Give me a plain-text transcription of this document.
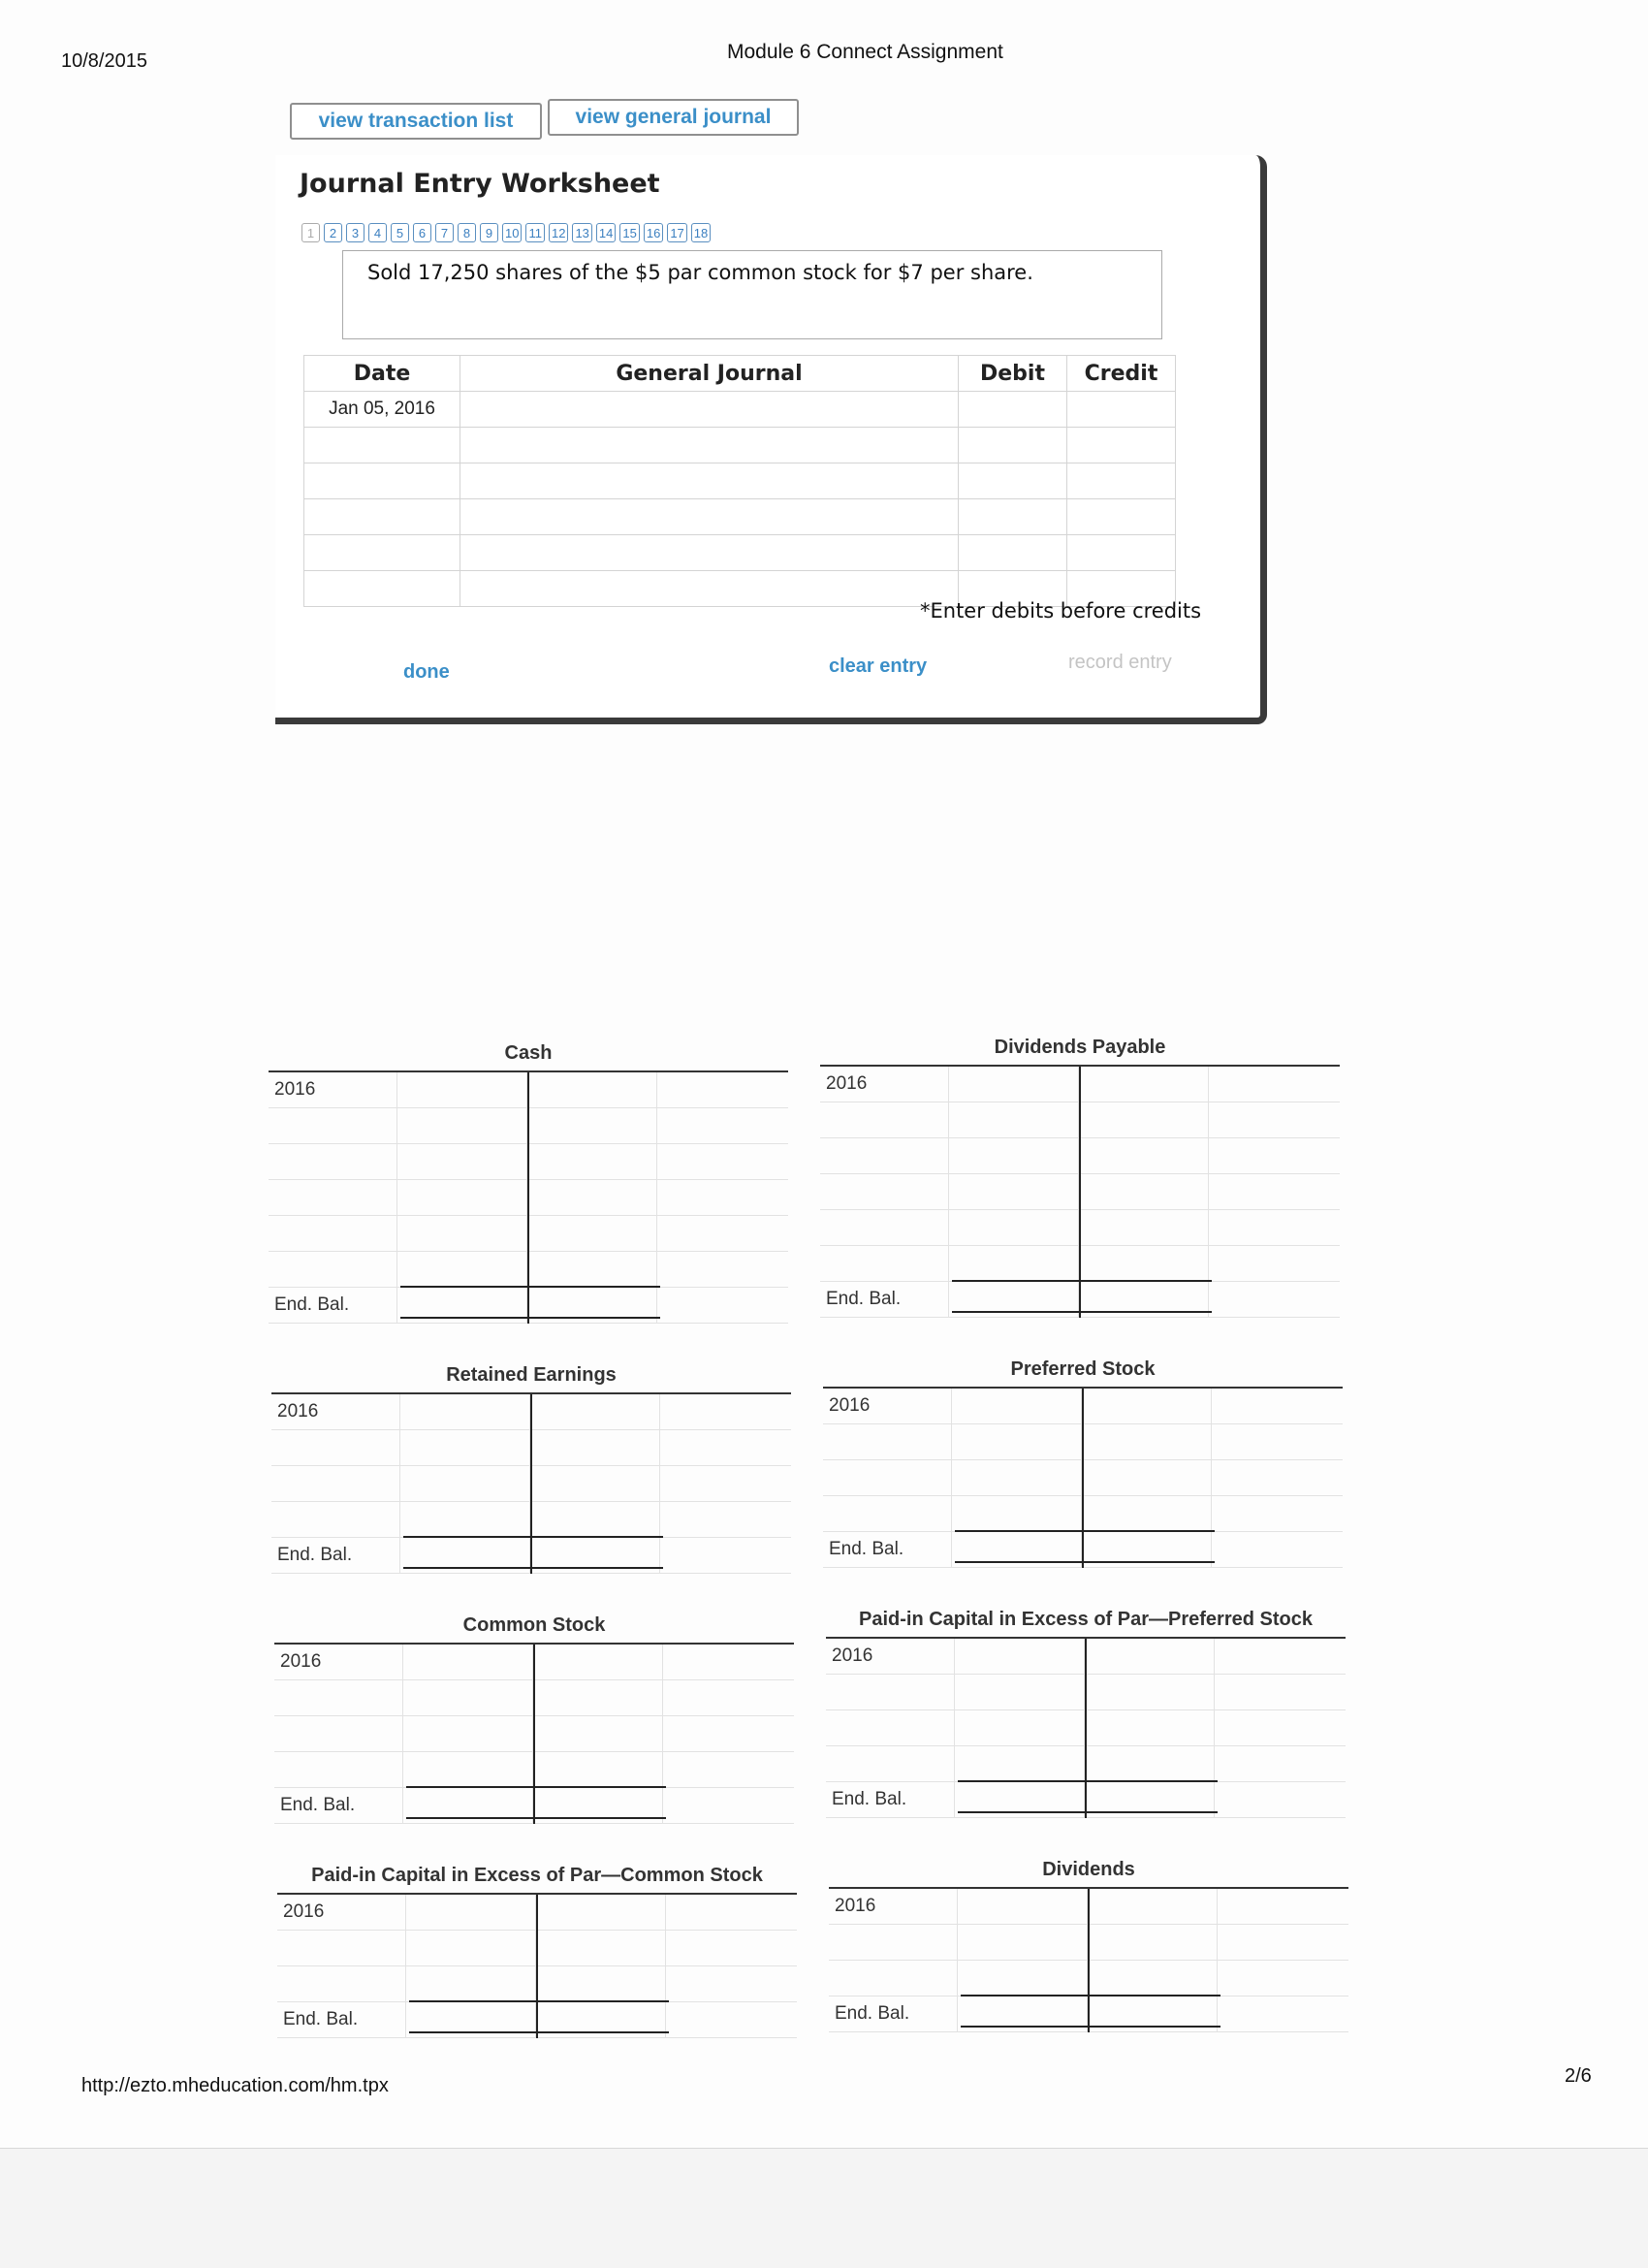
10/8/2015	Module 6 Connect Assignment
view transaction list	view general journal
Journal Entry Worksheet
1	2	3	4	5	6	7	8	9 10 11 12 13 14 15 16 17 18
Sold 17,250 shares of the $5 par common stock for $7 per share.
Date	General Journal	Debit	Credit
Jan 05, 2016			

*Enter debits before credits
done	clear entry	record entry
Cash
2016
End. Bal.
Dividends Payable
2016
End. Bal.
Retained Earnings
2016
End. Bal.
Preferred Stock
2016
End. Bal.
Common Stock
2016
End. Bal.
Paid-in Capital in Excess of Par—Preferred Stock
2016
End. Bal.
Paid-in Capital in Excess of Par—Common Stock
2016
End. Bal.
Dividends
2016
End. Bal.
http://ezto.mheducation.com/hm.tpx	2/6
